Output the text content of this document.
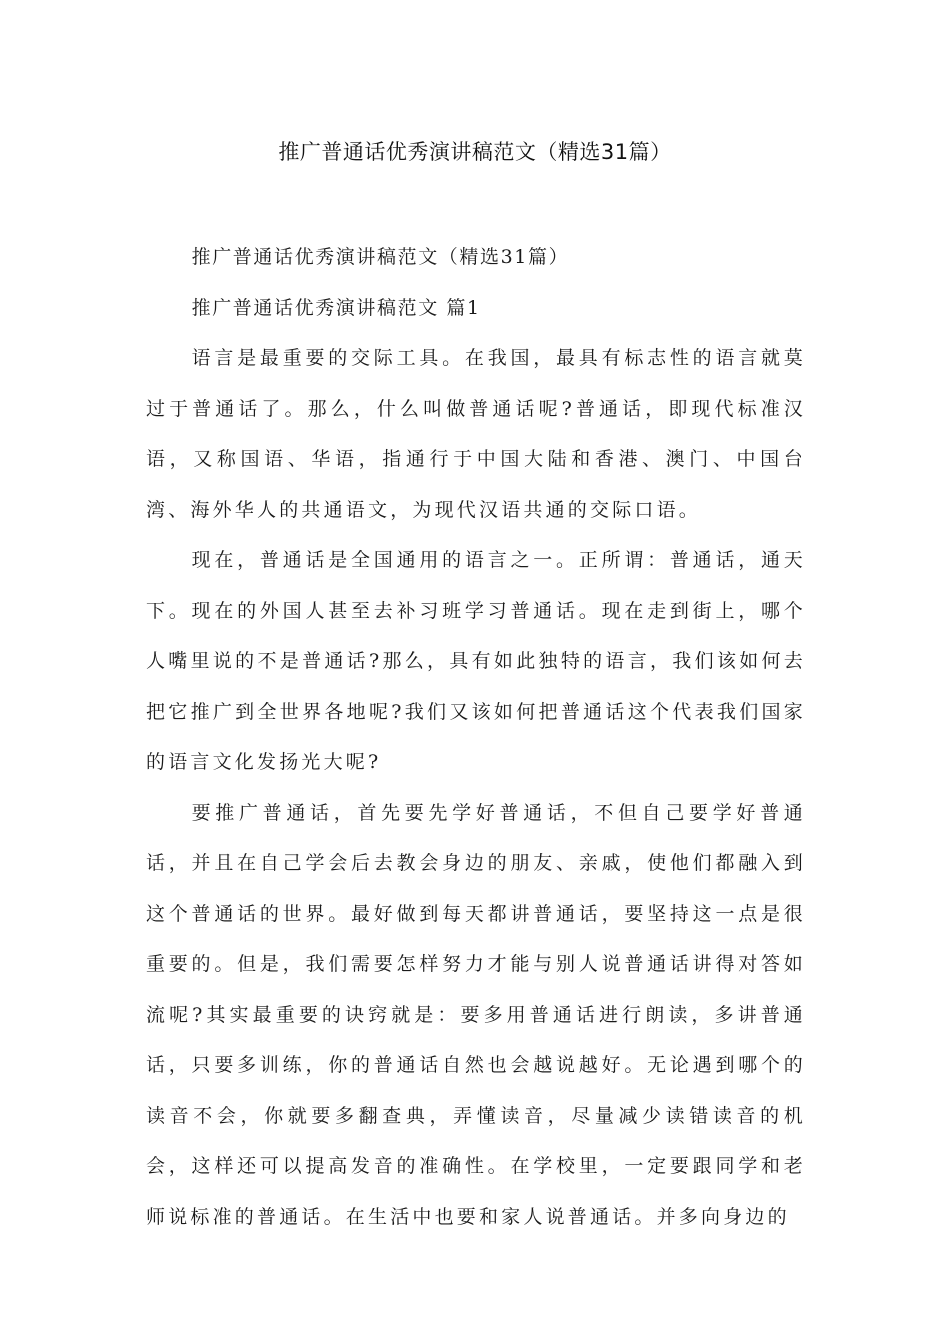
推广普通话优秀演讲稿范文（精选31篇）

推广普通话优秀演讲稿范文（精选31篇）

推广普通话优秀演讲稿范文 篇1

语言是最重要的交际工具。在我国，最具有标志性的语言就莫过于普通话了。那么，什么叫做普通话呢?普通话，即现代标准汉语，又称国语、华语，指通行于中国大陆和香港、澳门、中国台湾、海外华人的共通语文，为现代汉语共通的交际口语。

现在，普通话是全国通用的语言之一。正所谓：普通话，通天下。现在的外国人甚至去补习班学习普通话。现在走到街上，哪个人嘴里说的不是普通话?那么，具有如此独特的语言，我们该如何去把它推广到全世界各地呢?我们又该如何把普通话这个代表我们国家的语言文化发扬光大呢?

要推广普通话，首先要先学好普通话，不但自己要学好普通话，并且在自己学会后去教会身边的朋友、亲戚，使他们都融入到这个普通话的世界。最好做到每天都讲普通话，要坚持这一点是很重要的。但是，我们需要怎样努力才能与别人说普通话讲得对答如流呢?其实最重要的诀窍就是：要多用普通话进行朗读，多讲普通话，只要多训练，你的普通话自然也会越说越好。无论遇到哪个的读音不会，你就要多翻查典，弄懂读音，尽量减少读错读音的机会，这样还可以提高发音的准确性。在学校里，一定要跟同学和老师说标准的普通话。在生活中也要和家人说普通话。并多向身边的
